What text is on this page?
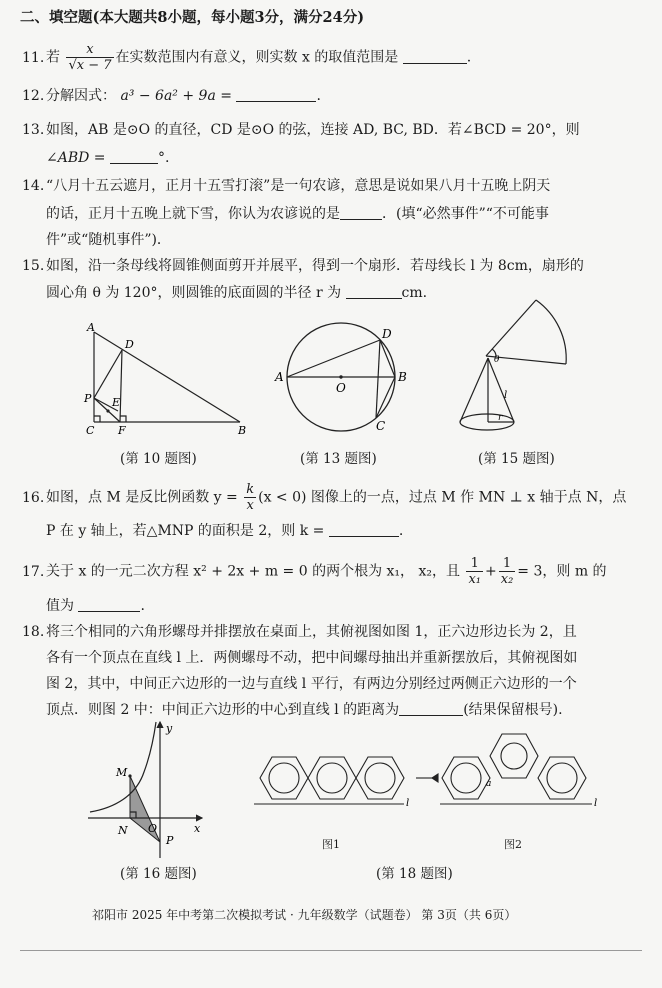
二、填空题(本大题共8小题，每小题3分，满分24分)
11. 若 $\frac{x}{√x - 7}$ 在实数范围内有意义，则实数 x 的取值范围是	.
12. 分解因式： a³ − 6a² + 9a =	.
13. 如图，AB 是⊙O 的直径，CD 是⊙O 的弦，连接 AD, BC, BD．若∠BCD = 20°，则
∠ABD =	°.
14. “八月十五云遮月，正月十五雪打滚”是一句农谚，意思是说如果八月十五晚上阴天
的话，正月十五晚上就下雪，你认为农谚说的是	．(填“必然事件”“不可能事
件”或“随机事件”)．
15. 如图，沿一条母线将圆锥侧面剪开并展平，得到一个扇形．若母线长 l 为 8cm，扇形的
圆心角 θ 为 120°，则圆锥的底面圆的半径 r 为	cm.
A
D
P E
C F	B
(第 10 题图)
A
O
B
D
C
(第 13 题图)
θ
l
r
(第 15 题图)
16. 如图，点 M 是反比例函数 $y = \frac{k}{x} (x < 0)$ 图像上的一点，过点 M 作 MN ⊥ x 轴于点 N，点
P 在 y 轴上，若△MNP 的面积是 2，则 k =	.
17. 关于 x 的一元二次方程 x² + 2x + m = 0 的两个根为 x₁， x₂，且 $\frac{1}{\text{x₁}} + \frac{1}{\text{x₂}} = 3$，则 m 的
值为	.
18. 将三个相同的六角形螺母并排摆放在桌面上，其俯视图如图 1，正六边形边长为 2，且
各有一个顶点在直线 l 上．两侧螺母不动，把中间螺母抽出并重新摆放后，其俯视图如
图 2，其中，中间正六边形的一边与直线 l 平行，有两边分别经过两侧正六边形的一个
顶点．则图 2 中：中间正六边形的中心到直线 l 的距离为	(结果保留根号).
y
M
N O	x
P
(第 16 题图)
l	l
a
图1	图2
(第 18 题图)
祁阳市 2025 年中考第二次模拟考试 · 九年级数学（试题卷） 第 3页（共 6页）
